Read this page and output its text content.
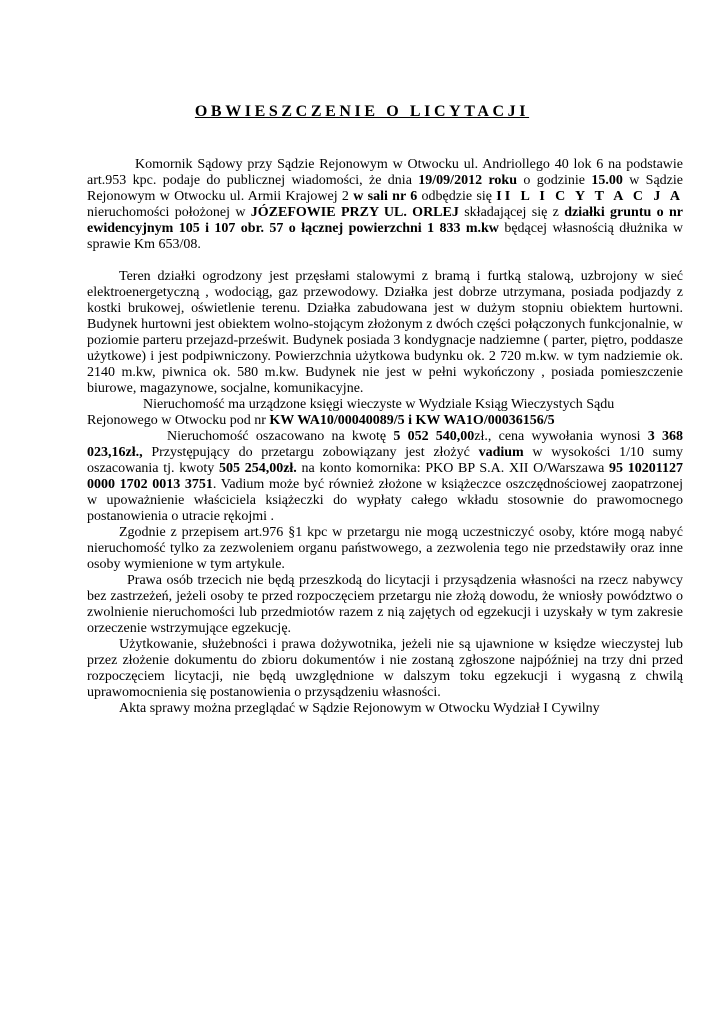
OBWIESZCZENIE O LICYTACJI

Komornik Sądowy przy Sądzie Rejonowym w Otwocku ul. Andriollego 40 lok 6 na podstawie art.953 kpc. podaje do publicznej wiadomości, że dnia 19/09/2012 roku o godzinie 15.00 w Sądzie Rejonowym w Otwocku ul. Armii Krajowej 2 w sali nr 6 odbędzie się II L I C Y T A C J A nieruchomości położonej w JÓZEFOWIE PRZY UL. ORLEJ składającej się z działki gruntu o nr ewidencyjnym 105 i 107 obr. 57 o łącznej powierzchni 1 833 m.kw będącej własnością dłużnika w sprawie Km 653/08.

Teren działki ogrodzony jest przęsłami stalowymi z bramą i furtką stalową, uzbrojony w sieć elektroenergetyczną , wodociąg, gaz przewodowy. Działka jest dobrze utrzymana, posiada podjazdy z kostki brukowej, oświetlenie terenu. Działka zabudowana jest w dużym stopniu obiektem hurtowni. Budynek hurtowni jest obiektem wolno-stojącym złożonym z dwóch części połączonych funkcjonalnie, w poziomie parteru przejazd-prześwit. Budynek posiada 3 kondygnacje nadziemne ( parter, piętro, poddasze użytkowe) i jest podpiwniczony. Powierzchnia użytkowa budynku ok. 2 720 m.kw. w tym nadziemie ok. 2140 m.kw, piwnica ok. 580 m.kw. Budynek nie jest w pełni wykończony , posiada pomieszczenie biurowe, magazynowe, socjalne, komunikacyjne.

Nieruchomość ma urządzone księgi wieczyste w Wydziale Ksiąg Wieczystych Sądu
Rejonowego w Otwocku pod nr KW WA10/00040089/5 i KW WA1O/00036156/5

Nieruchomość oszacowano na kwotę 5 052 540,00zł., cena wywołania wynosi 3 368 023,16zł., Przystępujący do przetargu zobowiązany jest złożyć vadium w wysokości 1/10 sumy oszacowania tj. kwoty 505 254,00zł. na konto komornika: PKO BP S.A. XII O/Warszawa 95 10201127 0000 1702 0013 3751. Vadium może być również złożone w książeczce oszczędnościowej zaopatrzonej w upoważnienie właściciela książeczki do wypłaty całego wkładu stosownie do prawomocnego postanowienia o utracie rękojmi .

Zgodnie z przepisem art.976 §1 kpc w przetargu nie mogą uczestniczyć osoby, które mogą nabyć nieruchomość tylko za zezwoleniem organu państwowego, a zezwolenia tego nie przedstawiły oraz inne osoby wymienione w tym artykule.

Prawa osób trzecich nie będą przeszkodą do licytacji i przysądzenia własności na rzecz nabywcy bez zastrzeżeń, jeżeli osoby te przed rozpoczęciem przetargu nie złożą dowodu, że wniosły powództwo o zwolnienie nieruchomości lub przedmiotów razem z nią zajętych od egzekucji i uzyskały w tym zakresie orzeczenie wstrzymujące egzekucję.

Użytkowanie, służebności i prawa dożywotnika, jeżeli nie są ujawnione w księdze wieczystej lub przez złożenie dokumentu do zbioru dokumentów i nie zostaną zgłoszone najpóźniej na trzy dni przed rozpoczęciem licytacji, nie będą uwzględnione w dalszym toku egzekucji i wygasną z chwilą uprawomocnienia się postanowienia o przysądzeniu własności.

Akta sprawy można przeglądać w Sądzie Rejonowym w Otwocku Wydział I Cywilny
